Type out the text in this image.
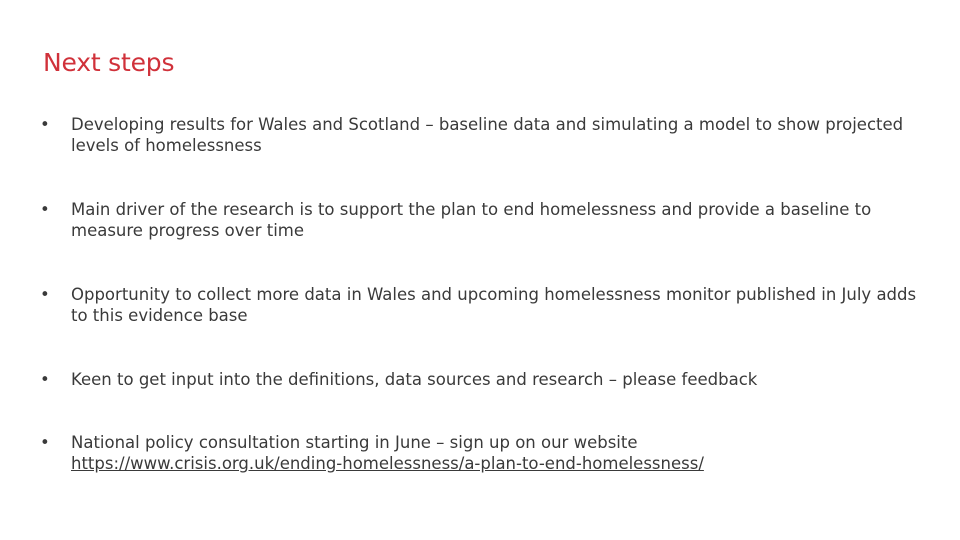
Next steps
• Developing results for Wales and Scotland – baseline data and simulating a model to show projected levels of homelessness
• Main driver of the research is to support the plan to end homelessness and provide a baseline to measure progress over time
• Opportunity to collect more data in Wales and upcoming homelessness monitor published in July adds to this evidence base
• Keen to get input into the definitions, data sources and research – please feedback
• National policy consultation starting in June – sign up on our website
https://www.crisis.org.uk/ending-homelessness/a-plan-to-end-homelessness/
